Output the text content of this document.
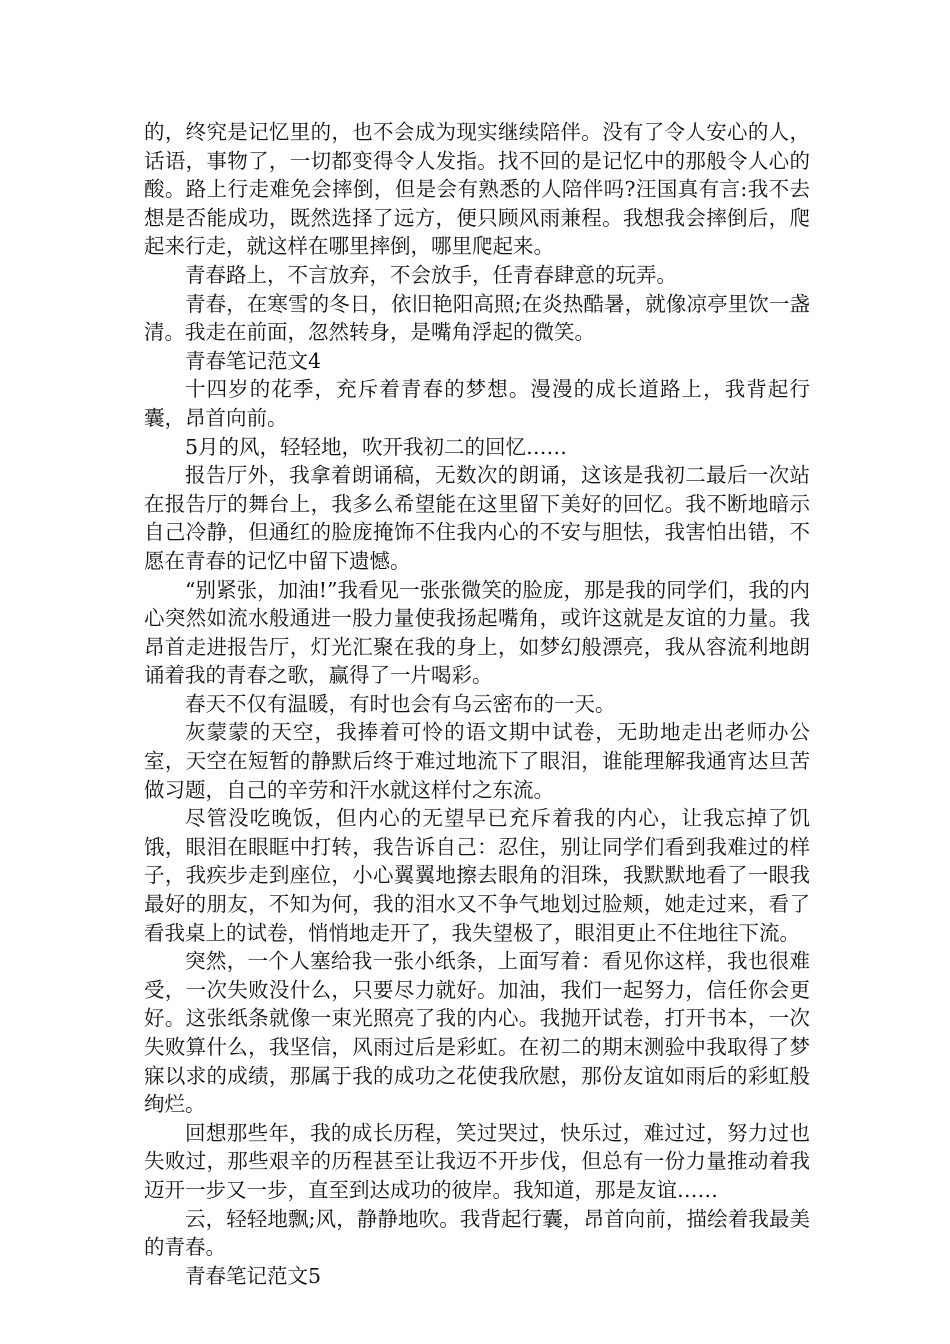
的，终究是记忆里的，也不会成为现实继续陪伴。没有了令人安心的人，话语，事物了，一切都变得令人发指。找不回的是记忆中的那般令人心的酸。路上行走难免会摔倒，但是会有熟悉的人陪伴吗?汪国真有言:我不去想是否能成功，既然选择了远方，便只顾风雨兼程。我想我会摔倒后，爬起来行走，就这样在哪里摔倒，哪里爬起来。

青春路上，不言放弃，不会放手，任青春肆意的玩弄。

青春，在寒雪的冬日，依旧艳阳高照;在炎热酷暑，就像凉亭里饮一盏清。我走在前面，忽然转身，是嘴角浮起的微笑。

青春笔记范文4

十四岁的花季，充斥着青春的梦想。漫漫的成长道路上，我背起行囊，昂首向前。

5月的风，轻轻地，吹开我初二的回忆……

报告厅外，我拿着朗诵稿，无数次的朗诵，这该是我初二最后一次站在报告厅的舞台上，我多么希望能在这里留下美好的回忆。我不断地暗示自己冷静，但通红的脸庞掩饰不住我内心的不安与胆怯，我害怕出错，不愿在青春的记忆中留下遗憾。

“别紧张，加油!”我看见一张张微笑的脸庞，那是我的同学们，我的内心突然如流水般通进一股力量使我扬起嘴角，或许这就是友谊的力量。我昂首走进报告厅，灯光汇聚在我的身上，如梦幻般漂亮，我从容流利地朗诵着我的青春之歌，赢得了一片喝彩。

春天不仅有温暖，有时也会有乌云密布的一天。

灰蒙蒙的天空，我捧着可怜的语文期中试卷，无助地走出老师办公室，天空在短暂的静默后终于难过地流下了眼泪，谁能理解我通宵达旦苦做习题，自己的辛劳和汗水就这样付之东流。

尽管没吃晚饭，但内心的无望早已充斥着我的内心，让我忘掉了饥饿，眼泪在眼眶中打转，我告诉自己：忍住，别让同学们看到我难过的样子，我疾步走到座位，小心翼翼地擦去眼角的泪珠，我默默地看了一眼我最好的朋友，不知为何，我的泪水又不争气地划过脸颊，她走过来，看了看我桌上的试卷，悄悄地走开了，我失望极了，眼泪更止不住地往下流。

突然，一个人塞给我一张小纸条，上面写着：看见你这样，我也很难受，一次失败没什么，只要尽力就好。加油，我们一起努力，信任你会更好。这张纸条就像一束光照亮了我的内心。我抛开试卷，打开书本，一次失败算什么，我坚信，风雨过后是彩虹。在初二的期末测验中我取得了梦寐以求的成绩，那属于我的成功之花使我欣慰，那份友谊如雨后的彩虹般绚烂。

回想那些年，我的成长历程，笑过哭过，快乐过，难过过，努力过也失败过，那些艰辛的历程甚至让我迈不开步伐，但总有一份力量推动着我迈开一步又一步，直至到达成功的彼岸。我知道，那是友谊……

云，轻轻地飘;风，静静地吹。我背起行囊，昂首向前，描绘着我最美的青春。

青春笔记范文5
